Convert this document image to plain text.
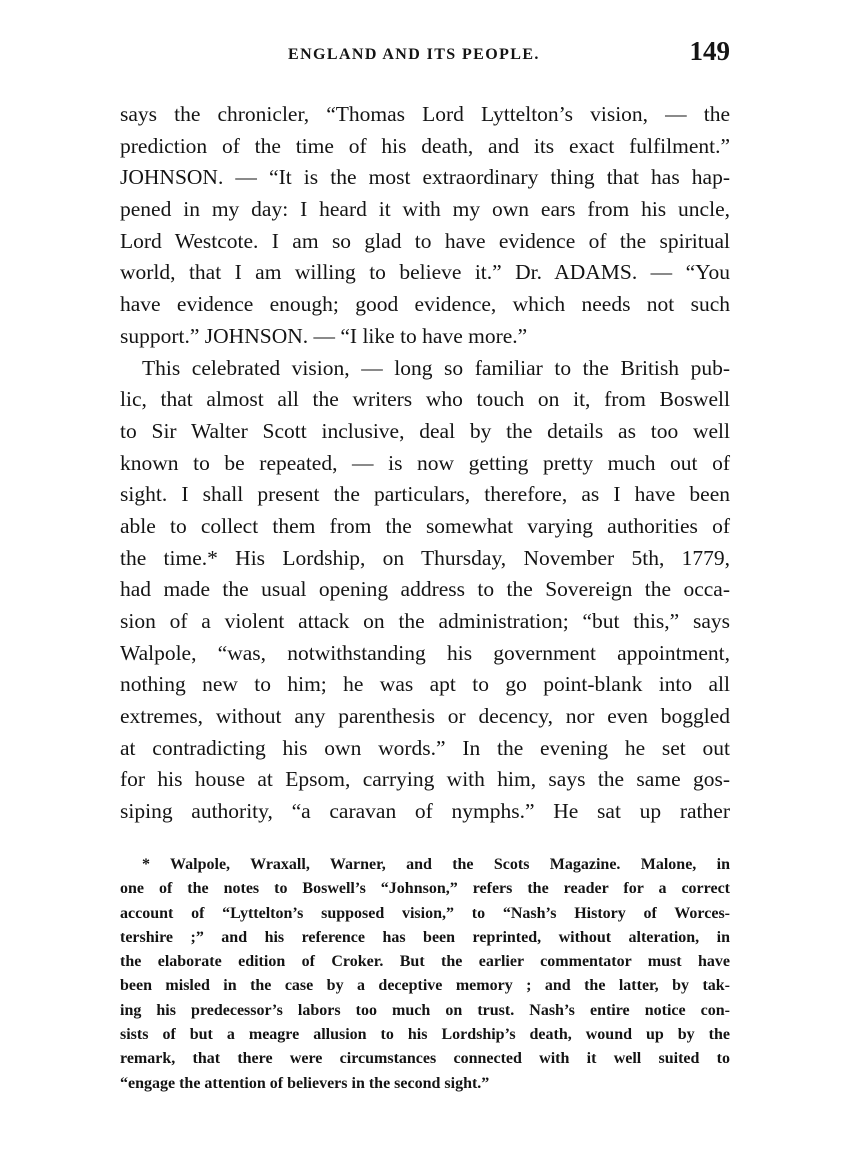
ENGLAND AND ITS PEOPLE.	149
says the chronicler, “Thomas Lord Lyttelton’s vision, — the
prediction of the time of his death, and its exact fulfilment.”
JOHNSON. — “It is the most extraordinary thing that has hap-
pened in my day: I heard it with my own ears from his uncle,
Lord Westcote. I am so glad to have evidence of the spiritual
world, that I am willing to believe it.” Dr. ADAMS. — “You
have evidence enough; good evidence, which needs not such
support.” JOHNSON. — “I like to have more.”
This celebrated vision, — long so familiar to the British pub-
lic, that almost all the writers who touch on it, from Boswell
to Sir Walter Scott inclusive, deal by the details as too well
known to be repeated, — is now getting pretty much out of
sight. I shall present the particulars, therefore, as I have been
able to collect them from the somewhat varying authorities of
the time.* His Lordship, on Thursday, November 5th, 1779,
had made the usual opening address to the Sovereign the occa-
sion of a violent attack on the administration; “but this,” says
Walpole, “was, notwithstanding his government appointment,
nothing new to him; he was apt to go point-blank into all
extremes, without any parenthesis or decency, nor even boggled
at contradicting his own words.” In the evening he set out
for his house at Epsom, carrying with him, says the same gos-
siping authority, “a caravan of nymphs.” He sat up rather
* Walpole, Wraxall, Warner, and the Scots Magazine. Malone, in
one of the notes to Boswell’s “Johnson,” refers the reader for a correct
account of “Lyttelton’s supposed vision,” to “Nash’s History of Worces-
tershire ;” and his reference has been reprinted, without alteration, in
the elaborate edition of Croker. But the earlier commentator must have
been misled in the case by a deceptive memory ; and the latter, by tak-
ing his predecessor’s labors too much on trust. Nash’s entire notice con-
sists of but a meagre allusion to his Lordship’s death, wound up by the
remark, that there were circumstances connected with it well suited to
“engage the attention of believers in the second sight.”
